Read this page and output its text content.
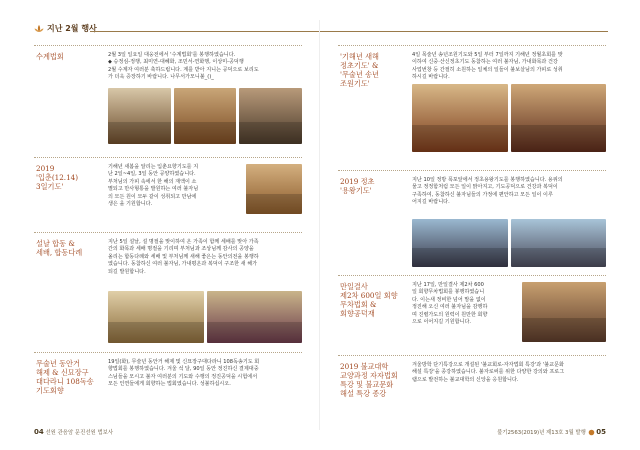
지난 2월 행사
수계법회	2월 3일 일요일 대웅전에서 '수계법회'를 봉행하였습니다.
◆ 승정심-정행, 최미연-대혜화, 조민서-연화행, 이상미-공덕행
2월 수계자 여러분 축하드립니다. 계를 받아 지니는 공덕으로 보리도
가 더욱 증장하기 바랍니다. 나무서가모니불_()_
2019
'입춘(12.14)
3일기도'
기해년 새봄을 알리는 입춘요향기도를 지
난 2일~4일, 3일 동안 공양하였습니다.
부처님의 가피 속에서 한 해의 재액이 소
멸되고 만사형통을 발원하는 여러 불자님
의 모든 원이 모두 같이 성취되고 만남에
생은 을 기원합니다.
설날 합동 &
세배, 합동다례
지난 5일 설날, 설 명절을 맞이하여 온 가족이 함께 세배를 맞아 가족
간의 화목과 세배 명절을 기리며 부처님과 조상님께 감사의 공양을
올리는 합동다례와 세배 및 부처님께 새해 좋은는 동안의전을 봉행하
였습니다. 동참하신 여러 불자님, 가내평온과 복덕이 구조한 새 해가
되길 발원합니다.
무술년 동안거
해제 & 신묘장구
대다라니 108독송
기도회향
19일(화), 무술년 동안거 해제 및 신묘장구대다라니 108독송기도 회
향법회를 봉행하였습니다. 겨울 석 달, 90일 동안 정진하신 결제대중
스님들을 모시고 불자 여러분의 기도와 수행의 정진공덕을 시험에서
모든 인연들에게 회향하는 법회였습니다. 성불하십시오.
'기해년 새해
정초기도' &
'무술년 송년
조원기도'
4일 목술년 송년조원기도와 5일 부터 7일까지 기해년 정월초회를 맞
이하여 신중·산신정초기도 동참하는 여러 불자님, 가내화목과 건강
사업번창 등 간절히 소원하는 일체의 일들이 불보살님의 가피로 성취
하시길 바랍니다.
2019 정초
'용왕기도'
지난 10일 정방 폭포앞에서 정초용왕기도를 봉행하였습니다. 용위의
물고 정정함처럼 모든 일이 맑아지고, 기도공덕으로 건강과 복덕이
구족하여, 동참하신 불자님들의 가정에 편안하고 모든 일이 이루
어지길 바랍니다.
만일결사
제2차 600일 회향
무차법회 &
회향공덕재
지난 17일, 만일결사 제2차 600
일 회향무차법회를 봉행하였습니
다. 이는새 정비한 넘어 맘을 없이
정진해 오신 여러 불자님을 감행하
며 진렬가도의 원력이 원만한 회향
으로 이어지길 기원합니다.
2019 불교대학
교양과정 자자법회
특강 및 불교문화
해설 특강 종강
겨울방학 단기특강으로 개설된 '불교회로-자자법회 특강'과 '불교문화
해설 특강'을 종강하였습니다. 불자로써를 위한 다양한 강의와 프로그
램으로 발전하는 불교대학의 신앙을 응원합니다.
04 선원 관음암 문진선원 법보사	불기2563(2019)년 제13호 3월 발행 05
